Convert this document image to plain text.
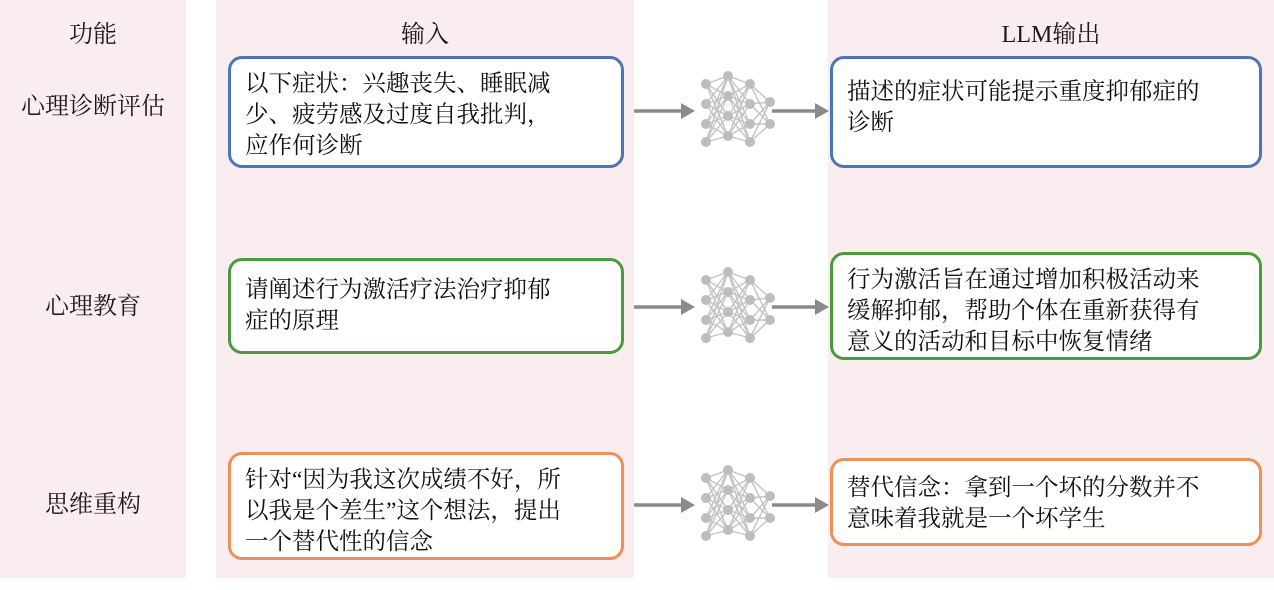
功能	输入	LLM输出
心理诊断评估
心理教育
思维重构
以下症状：兴趣丧失、睡眠减
少、疲劳感及过度自我批判，
应作何诊断
描述的症状可能提示重度抑郁症的
诊断
请阐述行为激活疗法治疗抑郁
症的原理
行为激活旨在通过增加积极活动来
缓解抑郁，帮助个体在重新获得有
意义的活动和目标中恢复情绪
针对“因为我这次成绩不好，所
以我是个差生”这个想法，提出
一个替代性的信念
替代信念：拿到一个坏的分数并不
意味着我就是一个坏学生
